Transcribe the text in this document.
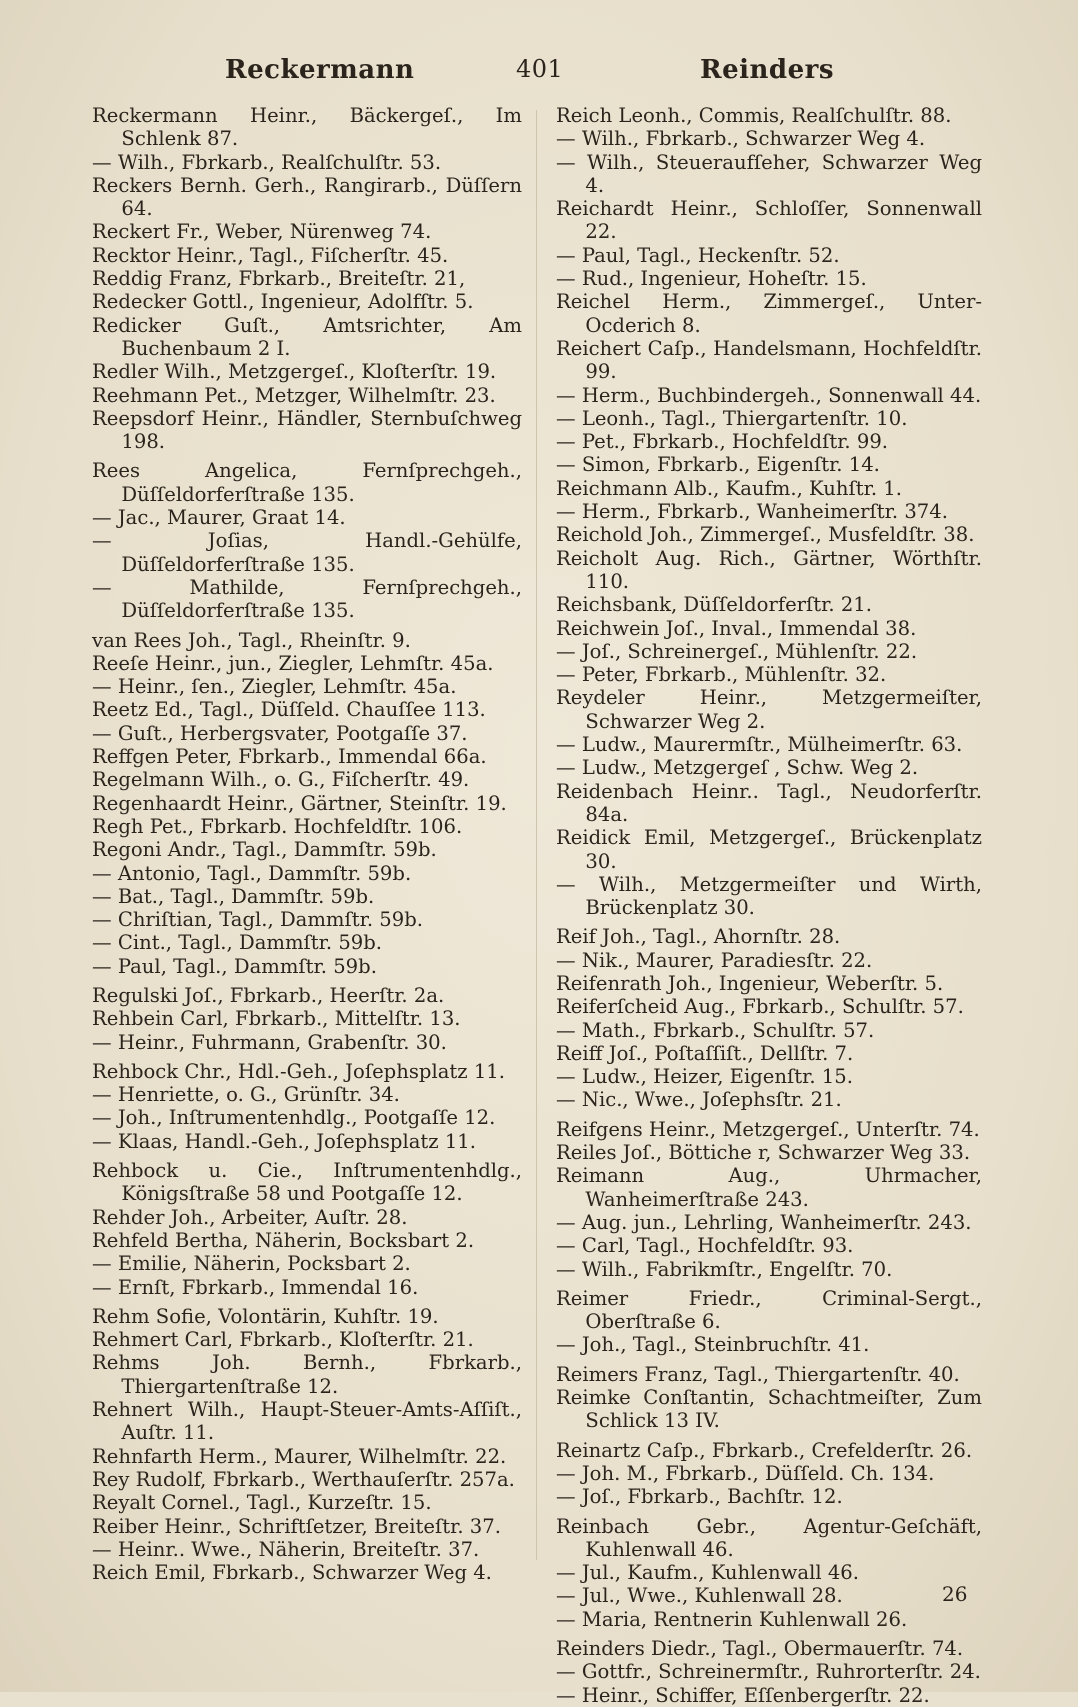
Reckermann	401	Reinders
Reckermann Heinr., Bäckergeſ., Im Schlenk 87.
— Wilh., Fbrkarb., Realſchulſtr. 53.
Reckers Bernh. Gerh., Rangirarb., Düſſern 64.
Reckert Fr., Weber, Nürenweg 74.
Recktor Heinr., Tagl., Fiſcherſtr. 45.
Reddig Franz, Fbrkarb., Breiteſtr. 21,
Redecker Gottl., Ingenieur, Adolfſtr. 5.
Redicker Guſt., Amtsrichter, Am Buchenbaum 2 I.
Redler Wilh., Metzgergeſ., Kloſterſtr. 19.
Reehmann Pet., Metzger, Wilhelmſtr. 23.
Reepsdorf Heinr., Händler, Sternbuſchweg 198.
Rees Angelica, Fernſprechgeh., Düſſeldorferſtraße 135.
— Jac., Maurer, Graat 14.
— Joſias, Handl.-Gehülfe, Düſſeldorferſtraße 135.
— Mathilde, Fernſprechgeh., Düſſeldorferſtraße 135.
van Rees Joh., Tagl., Rheinſtr. 9.
Reeſe Heinr., jun., Ziegler, Lehmſtr. 45a.
— Heinr., ſen., Ziegler, Lehmſtr. 45a.
Reetz Ed., Tagl., Düſſeld. Chauſſee 113.
— Guſt., Herbergsvater, Pootgaſſe 37.
Reffgen Peter, Fbrkarb., Immendal 66a.
Regelmann Wilh., o. G., Fiſcherſtr. 49.
Regenhaardt Heinr., Gärtner, Steinſtr. 19.
Regh Pet., Fbrkarb. Hochfeldſtr. 106.
Regoni Andr., Tagl., Dammſtr. 59b.
— Antonio, Tagl., Dammſtr. 59b.
— Bat., Tagl., Dammſtr. 59b.
— Chriſtian, Tagl., Dammſtr. 59b.
— Cint., Tagl., Dammſtr. 59b.
— Paul, Tagl., Dammſtr. 59b.
Regulski Joſ., Fbrkarb., Heerſtr. 2a.
Rehbein Carl, Fbrkarb., Mittelſtr. 13.
— Heinr., Fuhrmann, Grabenſtr. 30.
Rehbock Chr., Hdl.-Geh., Joſephsplatz 11.
— Henriette, o. G., Grünſtr. 34.
— Joh., Inſtrumentenhdlg., Pootgaſſe 12.
— Klaas, Handl.-Geh., Joſephsplatz 11.
Rehbock u. Cie., Inſtrumentenhdlg., Königsſtraße 58 und Pootgaſſe 12.
Rehder Joh., Arbeiter, Auſtr. 28.
Rehfeld Bertha, Näherin, Bocksbart 2.
— Emilie, Näherin, Pocksbart 2.
— Ernſt, Fbrkarb., Immendal 16.
Rehm Sofie, Volontärin, Kuhſtr. 19.
Rehmert Carl, Fbrkarb., Kloſterſtr. 21.
Rehms Joh. Bernh., Fbrkarb., Thiergartenſtraße 12.
Rehnert Wilh., Haupt-Steuer-Amts-Aſſiſt., Auſtr. 11.
Rehnfarth Herm., Maurer, Wilhelmſtr. 22.
Rey Rudolf, Fbrkarb., Werthauſerſtr. 257a.
Reyalt Cornel., Tagl., Kurzeſtr. 15.
Reiber Heinr., Schriftſetzer, Breiteſtr. 37.
— Heinr.. Wwe., Näherin, Breiteſtr. 37.
Reich Emil, Fbrkarb., Schwarzer Weg 4.
Reich Leonh., Commis, Realſchulſtr. 88.
— Wilh., Fbrkarb., Schwarzer Weg 4.
— Wilh., Steueraufſeher, Schwarzer Weg 4.
Reichardt Heinr., Schloſſer, Sonnenwall 22.
— Paul, Tagl., Heckenſtr. 52.
— Rud., Ingenieur, Hoheſtr. 15.
Reichel Herm., Zimmergeſ., Unter-Ocderich 8.
Reichert Caſp., Handelsmann, Hochfeldſtr. 99.
— Herm., Buchbindergeh., Sonnenwall 44.
— Leonh., Tagl., Thiergartenſtr. 10.
— Pet., Fbrkarb., Hochfeldſtr. 99.
— Simon, Fbrkarb., Eigenſtr. 14.
Reichmann Alb., Kaufm., Kuhſtr. 1.
— Herm., Fbrkarb., Wanheimerſtr. 374.
Reichold Joh., Zimmergeſ., Musfeldſtr. 38.
Reicholt Aug. Rich., Gärtner, Wörthſtr. 110.
Reichsbank, Düſſeldorferſtr. 21.
Reichwein Joſ., Inval., Immendal 38.
— Joſ., Schreinergeſ., Mühlenſtr. 22.
— Peter, Fbrkarb., Mühlenſtr. 32.
Reydeler Heinr., Metzgermeiſter, Schwarzer Weg 2.
— Ludw., Maurermſtr., Mülheimerſtr. 63.
— Ludw., Metzgergeſ , Schw. Weg 2.
Reidenbach Heinr.. Tagl., Neudorferſtr. 84a.
Reidick Emil, Metzgergeſ., Brückenplatz 30.
— Wilh., Metzgermeiſter und Wirth, Brückenplatz 30.
Reif Joh., Tagl., Ahornſtr. 28.
— Nik., Maurer, Paradiesſtr. 22.
Reifenrath Joh., Ingenieur, Weberſtr. 5.
Reiferſcheid Aug., Fbrkarb., Schulſtr. 57.
— Math., Fbrkarb., Schulſtr. 57.
Reiff Joſ., Poſtaſſiſt., Dellſtr. 7.
— Ludw., Heizer, Eigenſtr. 15.
— Nic., Wwe., Joſephsſtr. 21.
Reifgens Heinr., Metzgergeſ., Unterſtr. 74.
Reiles Joſ., Böttiche r, Schwarzer Weg 33.
Reimann Aug., Uhrmacher, Wanheimerſtraße 243.
— Aug. jun., Lehrling, Wanheimerſtr. 243.
— Carl, Tagl., Hochfeldſtr. 93.
— Wilh., Fabrikmſtr., Engelſtr. 70.
Reimer Friedr., Criminal-Sergt., Oberſtraße 6.
— Joh., Tagl., Steinbruchſtr. 41.
Reimers Franz, Tagl., Thiergartenſtr. 40.
Reimke Conſtantin, Schachtmeiſter, Zum Schlick 13 IV.
Reinartz Caſp., Fbrkarb., Crefelderſtr. 26.
— Joh. M., Fbrkarb., Düſſeld. Ch. 134.
— Joſ., Fbrkarb., Bachſtr. 12.
Reinbach Gebr., Agentur-Geſchäft, Kuhlenwall 46.
— Jul., Kaufm., Kuhlenwall 46.
— Jul., Wwe., Kuhlenwall 28.
— Maria, Rentnerin Kuhlenwall 26.
Reinders Diedr., Tagl., Obermauerſtr. 74.
— Gottfr., Schreinermſtr., Ruhrorterſtr. 24.
— Heinr., Schiffer, Eſſenbergerſtr. 22.
26
